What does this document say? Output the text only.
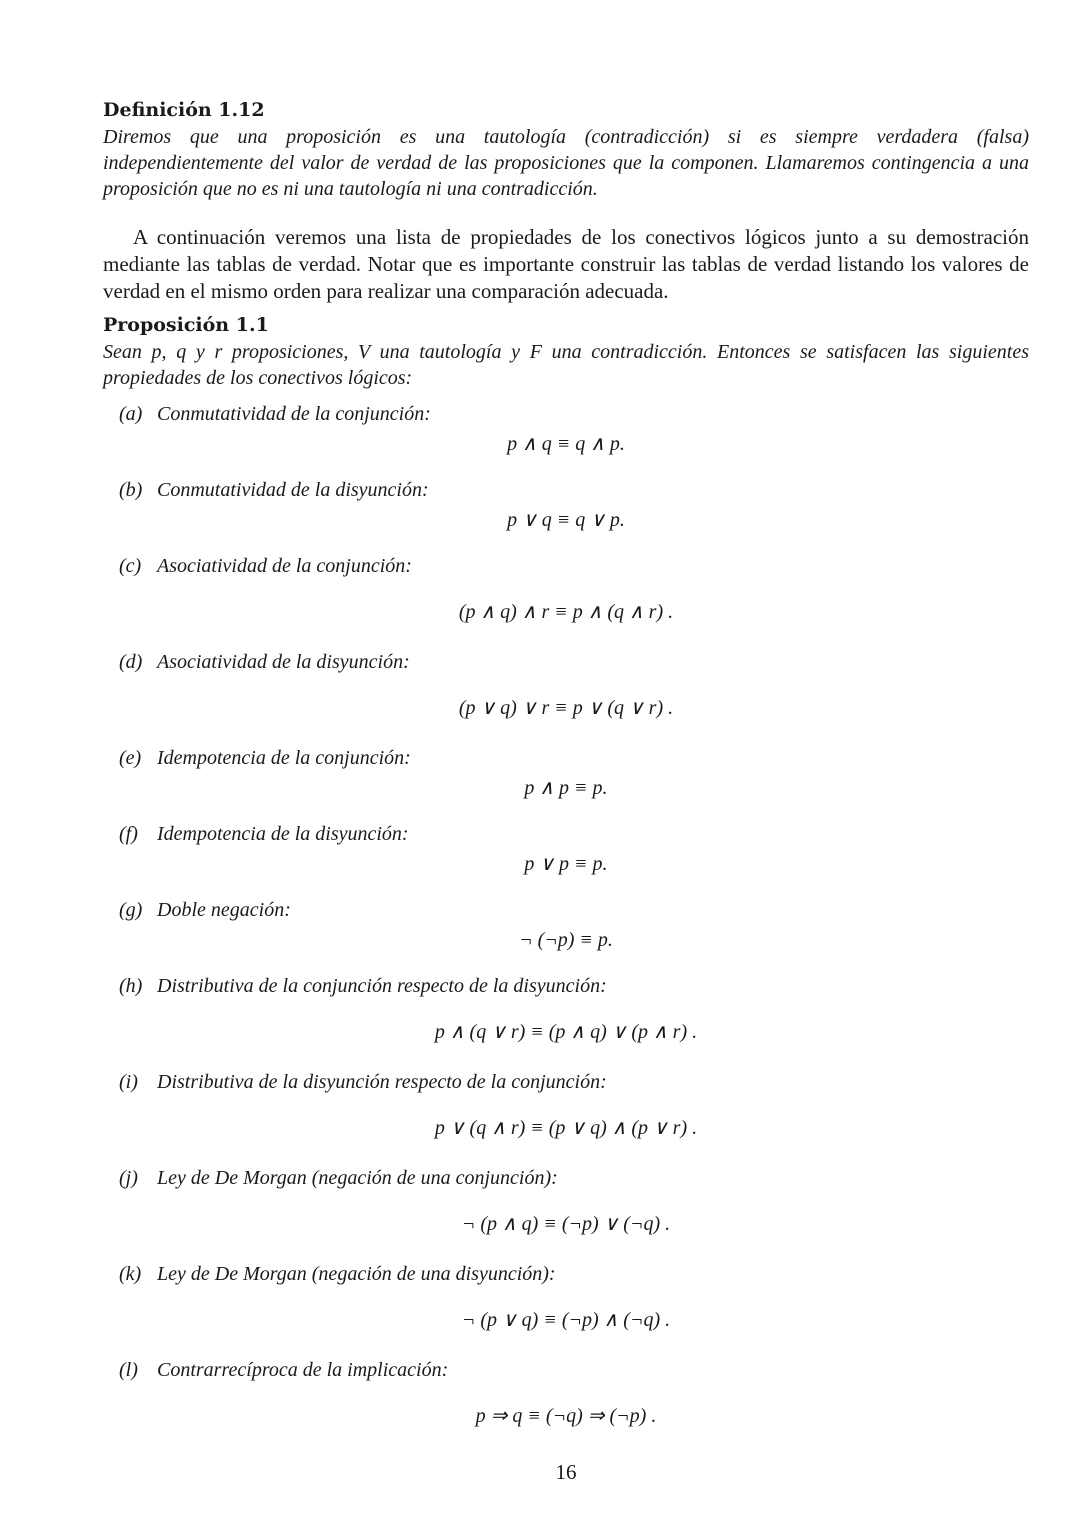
Definición 1.12

Diremos que una proposición es una tautología (contradicción) si es siempre verdadera (falsa) independientemente del valor de verdad de las proposiciones que la componen. Llamaremos contingencia a una proposición que no es ni una tautología ni una contradicción.

A continuación veremos una lista de propiedades de los conectivos lógicos junto a su demostración mediante las tablas de verdad. Notar que es importante construir las tablas de verdad listando los valores de verdad en el mismo orden para realizar una comparación adecuada.

Proposición 1.1

Sean p, q y r proposiciones, V una tautología y F una contradicción. Entonces se satisfacen las siguientes propiedades de los conectivos lógicos:

(a) Conmutatividad de la conjunción:
p ∧ q ≡ q ∧ p.
(b) Conmutatividad de la disyunción:
p ∨ q ≡ q ∨ p.
(c) Asociatividad de la conjunción:
(p ∧ q) ∧ r ≡ p ∧ (q ∧ r) .
(d) Asociatividad de la disyunción:
(p ∨ q) ∨ r ≡ p ∨ (q ∨ r) .
(e) Idempotencia de la conjunción:
p ∧ p ≡ p.
(f) Idempotencia de la disyunción:
p ∨ p ≡ p.
(g) Doble negación:
¬ (¬p) ≡ p.
(h) Distributiva de la conjunción respecto de la disyunción:
p ∧ (q ∨ r) ≡ (p ∧ q) ∨ (p ∧ r) .
(i) Distributiva de la disyunción respecto de la conjunción:
p ∨ (q ∧ r) ≡ (p ∨ q) ∧ (p ∨ r) .
(j) Ley de De Morgan (negación de una conjunción):
¬ (p ∧ q) ≡ (¬p) ∨ (¬q) .
(k) Ley de De Morgan (negación de una disyunción):
¬ (p ∨ q) ≡ (¬p) ∧ (¬q) .
(l) Contrarrecíproca de la implicación:
p ⇒ q ≡ (¬q) ⇒ (¬p) .
16
